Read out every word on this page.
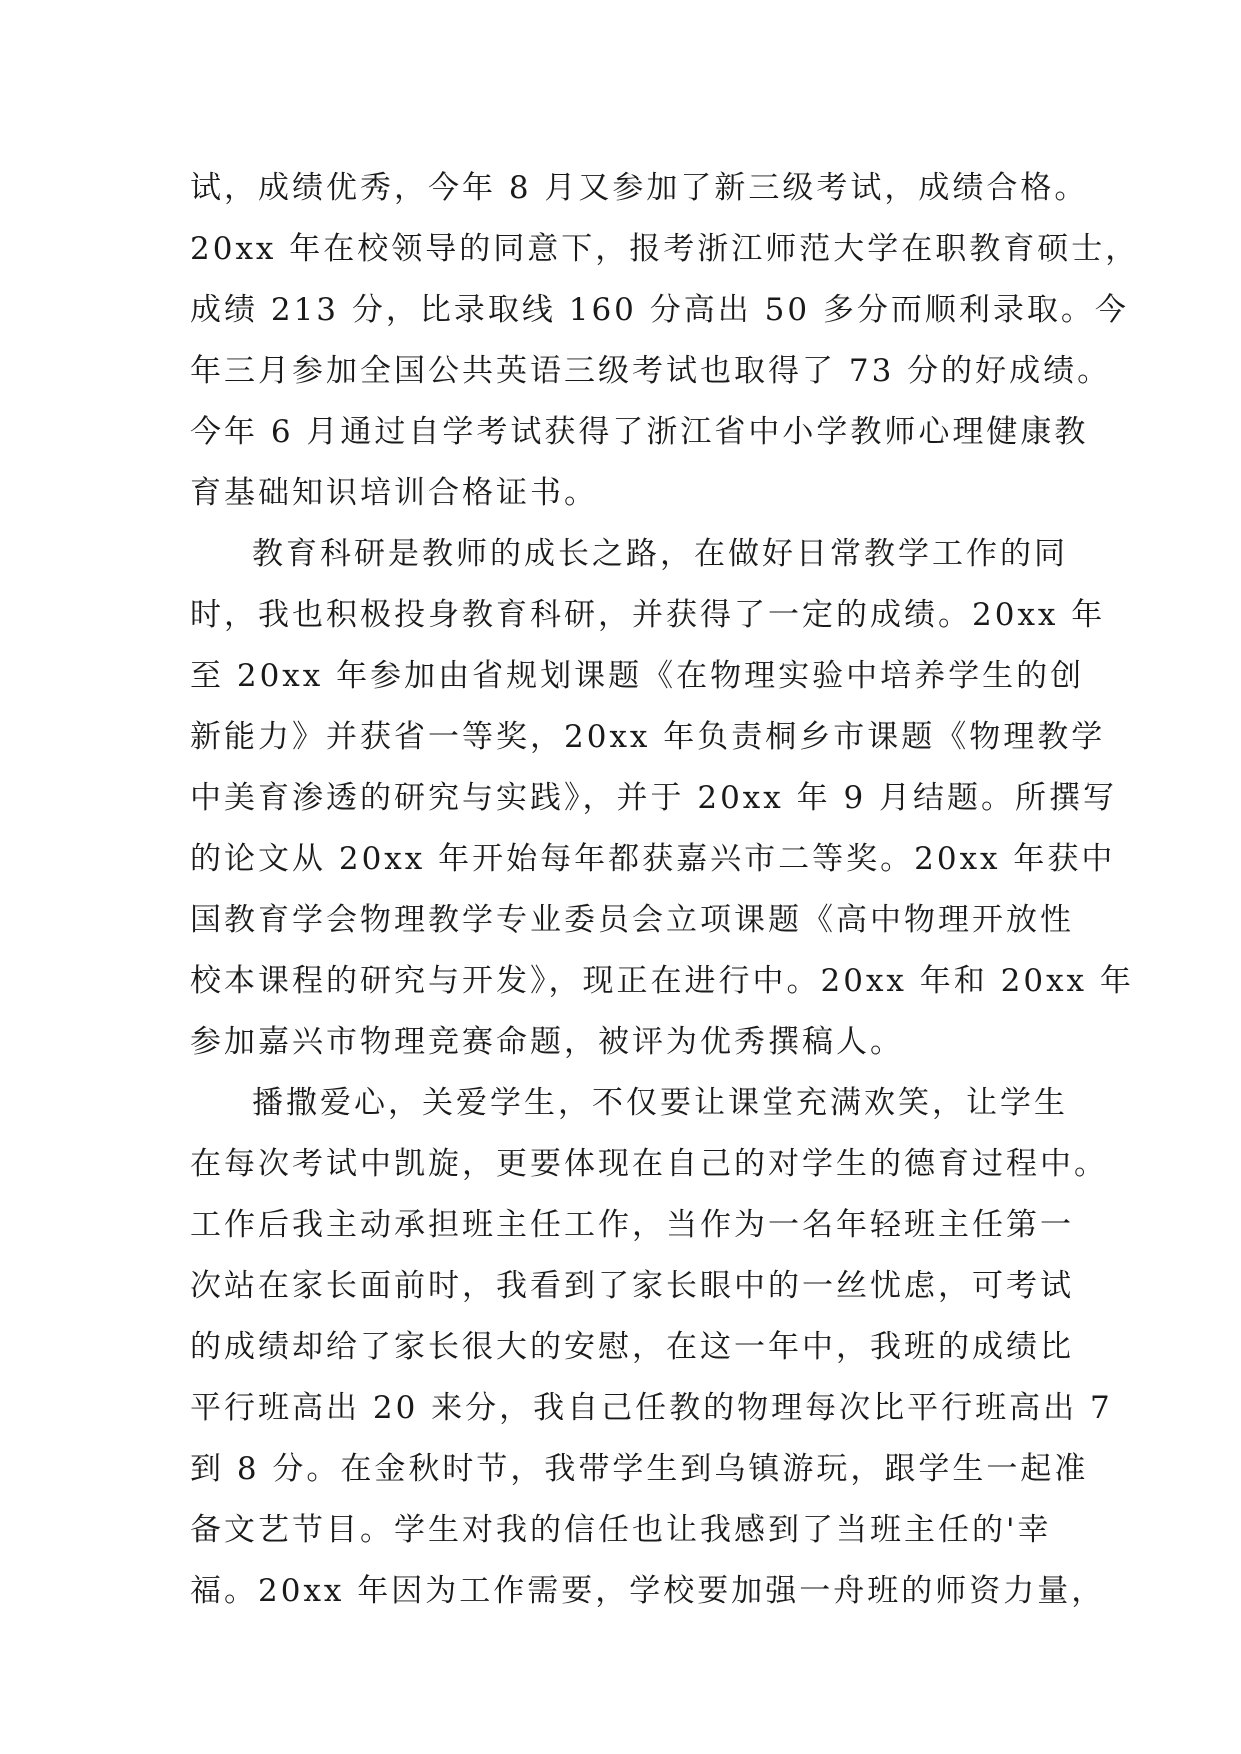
试，成绩优秀，今年 8 月又参加了新三级考试，成绩合格。
20xx 年在校领导的同意下，报考浙江师范大学在职教育硕士，
成绩 213 分，比录取线 160 分高出 50 多分而顺利录取。今
年三月参加全国公共英语三级考试也取得了 73 分的好成绩。
今年 6 月通过自学考试获得了浙江省中小学教师心理健康教
育基础知识培训合格证书。
教育科研是教师的成长之路，在做好日常教学工作的同
时，我也积极投身教育科研，并获得了一定的成绩。20xx 年
至 20xx 年参加由省规划课题《在物理实验中培养学生的创
新能力》并获省一等奖，20xx 年负责桐乡市课题《物理教学
中美育渗透的研究与实践》，并于 20xx 年 9 月结题。所撰写
的论文从 20xx 年开始每年都获嘉兴市二等奖。20xx 年获中
国教育学会物理教学专业委员会立项课题《高中物理开放性
校本课程的研究与开发》，现正在进行中。20xx 年和 20xx 年
参加嘉兴市物理竞赛命题，被评为优秀撰稿人。
播撒爱心，关爱学生，不仅要让课堂充满欢笑，让学生
在每次考试中凯旋，更要体现在自己的对学生的德育过程中。
工作后我主动承担班主任工作，当作为一名年轻班主任第一
次站在家长面前时，我看到了家长眼中的一丝忧虑，可考试
的成绩却给了家长很大的安慰，在这一年中，我班的成绩比
平行班高出 20 来分，我自己任教的物理每次比平行班高出 7
到 8 分。在金秋时节，我带学生到乌镇游玩，跟学生一起准
备文艺节目。学生对我的信任也让我感到了当班主任的'幸
福。20xx 年因为工作需要，学校要加强一舟班的师资力量，
